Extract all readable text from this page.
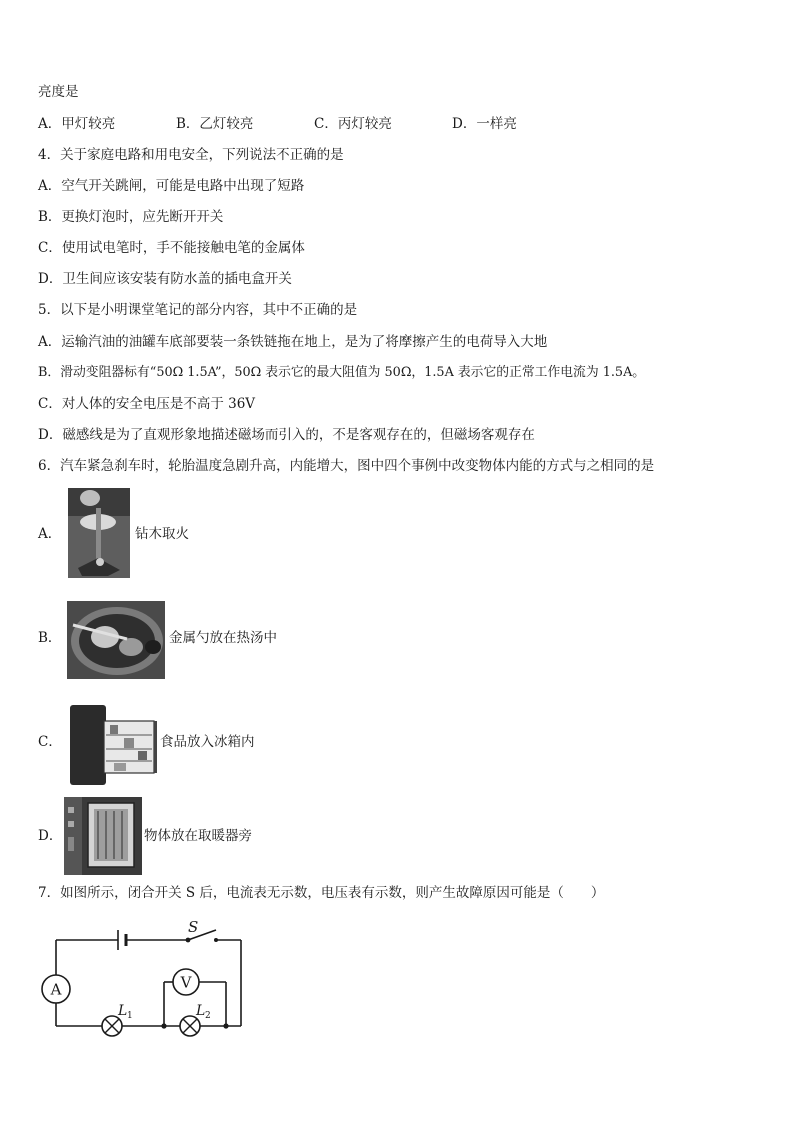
亮度是
A．甲灯较亮	B．乙灯较亮	C．丙灯较亮	D．一样亮
4．关于家庭电路和用电安全，下列说法不正确的是
A．空气开关跳闸，可能是电路中出现了短路
B．更换灯泡时，应先断开开关
C．使用试电笔时，手不能接触电笔的金属体
D．卫生间应该安装有防水盖的插电盒开关
5．以下是小明课堂笔记的部分内容，其中不正确的是
A．运输汽油的油罐车底部要装一条铁链拖在地上，是为了将摩擦产生的电荷导入大地
B．滑动变阻器标有“50Ω 1.5A”，50Ω 表示它的最大阻值为 50Ω，1.5A 表示它的正常工作电流为 1.5A。
C．对人体的安全电压是不高于 36V
D．磁感线是为了直观形象地描述磁场而引入的，不是客观存在的，但磁场客观存在
6．汽车紧急刹车时，轮胎温度急剧升高，内能增大，图中四个事例中改变物体内能的方式与之相同的是
A．	钻木取火
B．	金属勺放在热汤中
C．	食品放入冰箱内
D．	物体放在取暖器旁
7．如图所示，闭合开关 S 后，电流表无示数，电压表有示数，则产生故障原因可能是（　　）
A	V
S
L 1	L 2
